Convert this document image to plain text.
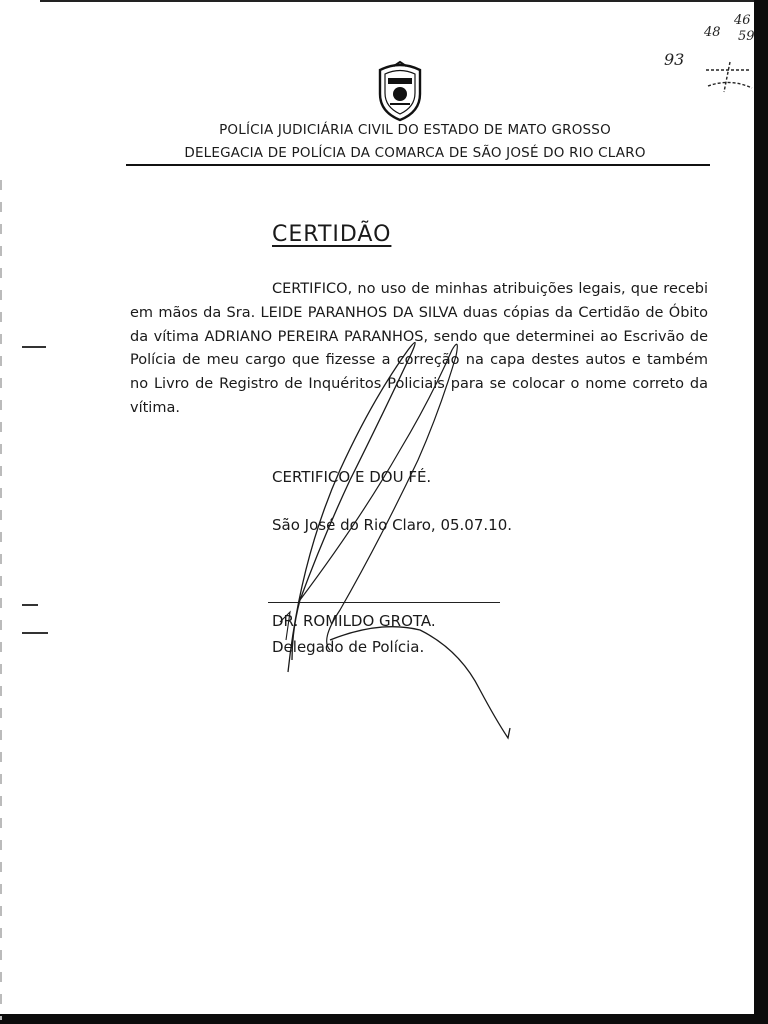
46
48 59
93
POLÍCIA JUDICIÁRIA CIVIL DO ESTADO DE MATO GROSSO
DELEGACIA DE POLÍCIA DA COMARCA DE SÃO JOSÉ DO RIO CLARO
CERTIDÃO

CERTIFICO, no uso de minhas atribuições legais, que recebi em mãos da Sra. LEIDE PARANHOS DA SILVA duas cópias da Certidão de Óbito da vítima ADRIANO PEREIRA PARANHOS, sendo que determinei ao Escrivão de Polícia de meu cargo que fizesse a correção na capa destes autos e também no Livro de Registro de Inquéritos Policiais para se colocar o nome correto da vítima.

CERTIFICO E DOU FÉ.
São José do Rio Claro, 05.07.10.
DR. ROMILDO GROTA.
Delegado de Polícia.
